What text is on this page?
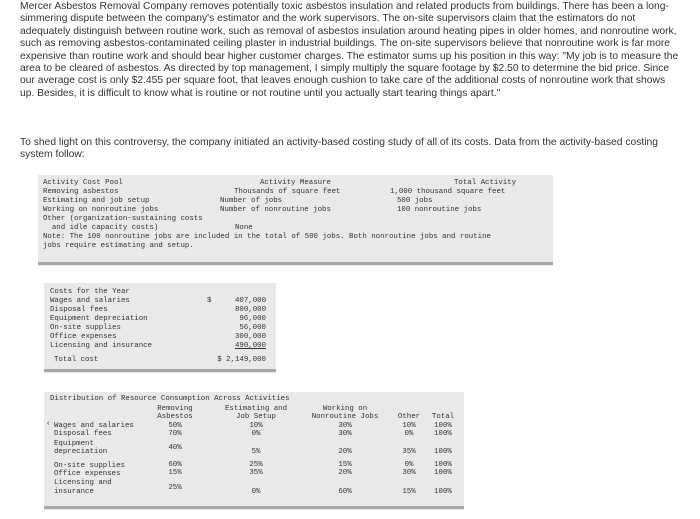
Mercer Asbestos Removal Company removes potentially toxic asbestos insulation and related products from buildings. There has been a long-simmering dispute between the company's estimator and the work supervisors. The on-site supervisors claim that the estimators do not adequately distinguish between routine work, such as removal of asbestos insulation around heating pipes in older homes, and nonroutine work, such as removing asbestos-contaminated ceiling plaster in industrial buildings. The on-site supervisors believe that nonroutine work is far more expensive than routine work and should bear higher customer charges. The estimator sums up his position in this way: "My job is to measure the area to be cleared of asbestos. As directed by top management, I simply multiply the square footage by $2.50 to determine the bid price. Since our average cost is only $2.455 per square foot, that leaves enough cushion to take care of the additional costs of nonroutine work that shows up. Besides, it is difficult to know what is routine or not routine until you actually start tearing things apart."
To shed light on this controversy, the company initiated an activity-based costing study of all of its costs. Data from the activity-based costing system follow:
Activity Cost Pool	Activity Measure	Total Activity
Removing asbestos	Thousands of square feet	1,000 thousand square feet
Estimating and job setup	Number of jobs	500 jobs
Working on nonroutine jobs	Number of nonroutine jobs	100 nonroutine jobs
Other (organization-sustaining costs
and idle capacity costs)	None
Note: The 100 nonroutine jobs are included in the total of 500 jobs. Both nonroutine jobs and routine
jobs require estimating and setup.
Costs for the Year
Wages and salaries	$	407,000
Disposal fees	800,000
Equipment depreciation	96,000
On-site supplies	56,000
Office expenses	300,000
Licensing and insurance	490,000
Total cost	$ 2,149,000
Distribution of Resource Consumption Across Activities
Removing
Asbestos
Estimating and
Job Setup
Working on
Nonroutine Jobs	Other	Total
‹ Wages and salaries	50%	10%	30%	10%	100%
Disposal fees	70%	0%	30%	0%	100%
Equipment
depreciation	40%	5%	20%	35%	100%
On-site supplies	60%	25%	15%	0%	100%
Office expenses	15%	35%	20%	30%	100%
Licensing and
insurance	25%	0%	60%	15%	100%
